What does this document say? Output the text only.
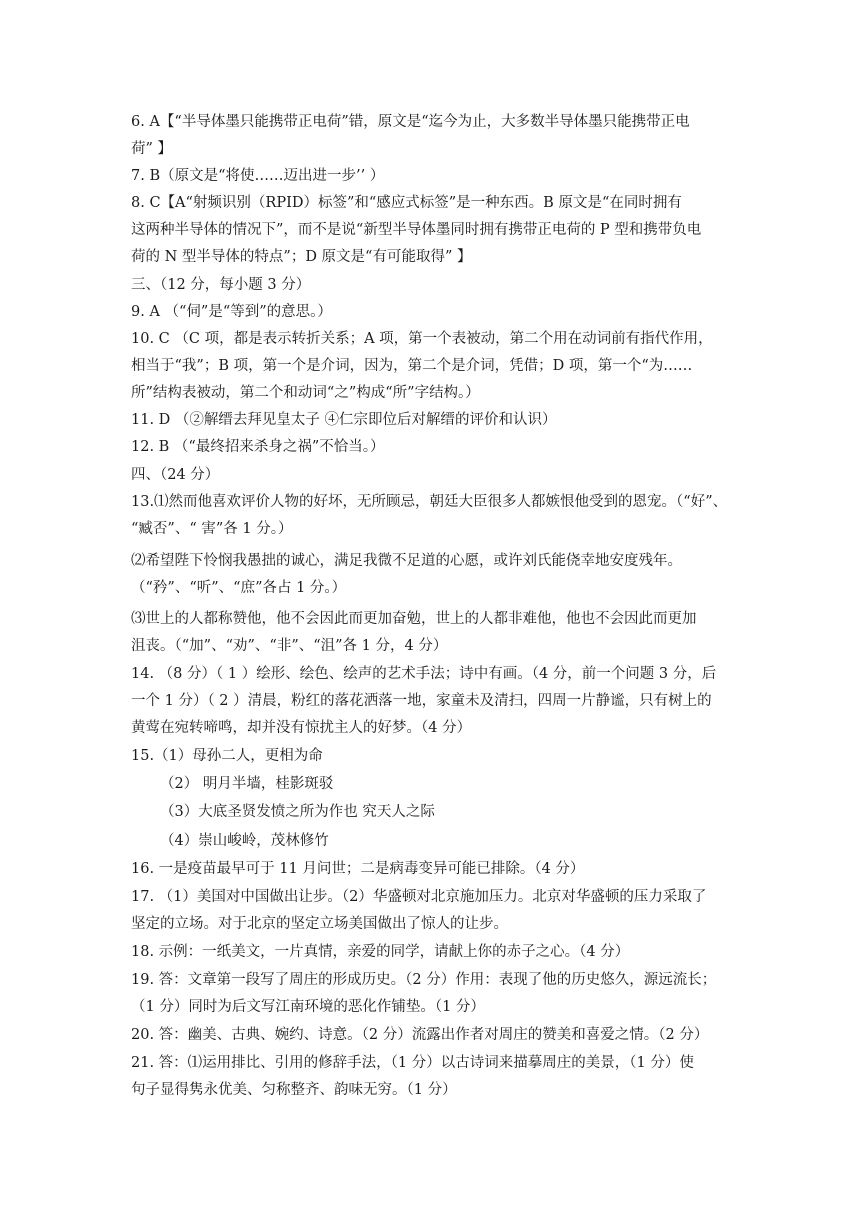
6. A【“半导体墨只能携带正电荷”错，原文是“迄今为止，大多数半导体墨只能携带正电
荷” 】
7. B（原文是“将使……迈出进一步’’ ）
8. C【A“射频识别（RPID）标签”和“感应式标签”是一种东西。B 原文是“在同时拥有
这两种半导体的情况下”，而不是说“新型半导体墨同时拥有携带正电荷的 P 型和携带负电
荷的 N 型半导体的特点”；D 原文是“有可能取得” 】
三、（12 分，每小题 3 分）
9. A （“伺”是“等到”的意思。）
10. C （C 项，都是表示转折关系；A 项，第一个表被动，第二个用在动词前有指代作用，
相当于“我”；B 项，第一个是介词，因为，第二个是介词，凭借；D 项，第一个“为……
所”结构表被动，第二个和动词“之”构成“所”字结构。）
11. D （②解缙去拜见皇太子 ④仁宗即位后对解缙的评价和认识）
12. B （“最终招来杀身之祸”不恰当。）
四、（24 分）
13.⑴然而他喜欢评价人物的好坏，无所顾忌，朝廷大臣很多人都嫉恨他受到的恩宠。（“好”、
“臧否”、“ 害”各 1 分。）
⑵希望陛下怜悯我愚拙的诚心，满足我微不足道的心愿，或许刘氏能侥幸地安度残年。
（“矜”、“听”、“庶”各占 1 分。）
⑶世上的人都称赞他，他不会因此而更加奋勉，世上的人都非难他，他也不会因此而更加
沮丧。（“加”、“劝”、“非”、“沮”各 1 分，4 分）
14. （8 分）（ 1 ）绘形、绘色、绘声的艺术手法；诗中有画。（4 分，前一个问题 3 分，后
一个 1 分）（ 2 ）清晨，粉红的落花洒落一地，家童未及清扫，四周一片静谧，只有树上的
黄莺在宛转啼鸣，却并没有惊扰主人的好梦。（4 分）
15.（1）母孙二人，更相为命
（2） 明月半墙，桂影斑驳
（3）大底圣贤发愤之所为作也 究天人之际
（4）崇山峻岭，茂林修竹
16. 一是疫苗最早可于 11 月问世；二是病毒变异可能已排除。（4 分）
17. （1）美国对中国做出让步。（2）华盛顿对北京施加压力。北京对华盛顿的压力采取了
坚定的立场。对于北京的坚定立场美国做出了惊人的让步。
18. 示例：一纸美文，一片真情，亲爱的同学，请献上你的赤子之心。（4 分）
19. 答：文章第一段写了周庄的形成历史。（2 分）作用：表现了他的历史悠久，源远流长；
（1 分）同时为后文写江南环境的恶化作铺垫。（1 分）
20. 答：幽美、古典、婉约、诗意。（2 分）流露出作者对周庄的赞美和喜爱之情。（2 分）
21. 答：⑴运用排比、引用的修辞手法，（1 分）以古诗词来描摹周庄的美景，（1 分）使
句子显得隽永优美、匀称整齐、韵味无穷。（1 分）
